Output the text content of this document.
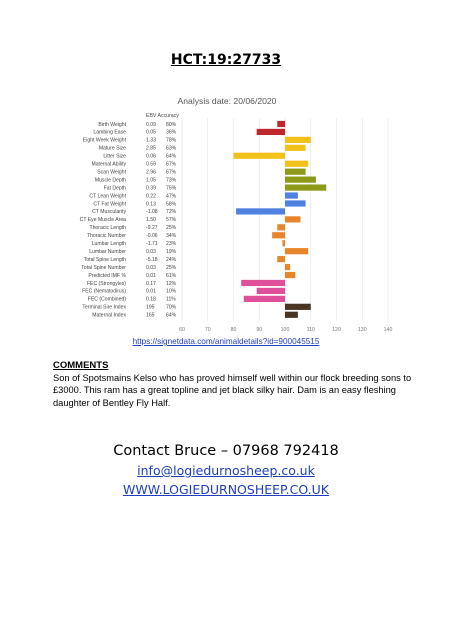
HCT:19:27733
Analysis date: 20/06/2020
EBV Accuracy
60	70	80	90	100	110	120	130	140
Birth Weight	0.09 80%
Lambing Ease	0.05 36%
Eight Week Weight	1.33 78%
Mature Size	2.85 63%
Litter Size	0.06 64%
Maternal Ability	0.59 67%
Scan Weight	2.96 67%
Muscle Depth	1.05 73%
Fat Depth	0.39 75%
CT Lean Weight	0.22 47%
CT Fat Weight	0.13 58%
CT Muscularity	-1.08 72%
CT Eye Muscle Area	1.50 57%
Thoracic Length	-9.27 25%
Thoracic Number	-0.06 34%
Lumbar Length	-1.71 23%
Lumbar Number	0.03 19%
Total Spine Length	-5.18 24%
Total Spine Number	0.03 25%
Predicted IMF %	0.01 61%
FEC (Strongyles)	0.17 12%
FEC (Nematodirus)	0.01 10%
FEC (Combined)	0.18 11%
Terminal Sire Index	195 70%
Maternal Index	165 64%
https://signetdata.com/animaldetails?id=900045515
COMMENTS
Son of Spotsmains Kelso who has proved himself well within our flock breeding sons to £3000. This ram has a great topline and jet black silky hair. Dam is an easy fleshing daughter of Bentley Fly Half.
Contact Bruce – 07968 792418
info@logiedurnosheep.co.uk
WWW.LOGIEDURNOSHEEP.CO.UK
